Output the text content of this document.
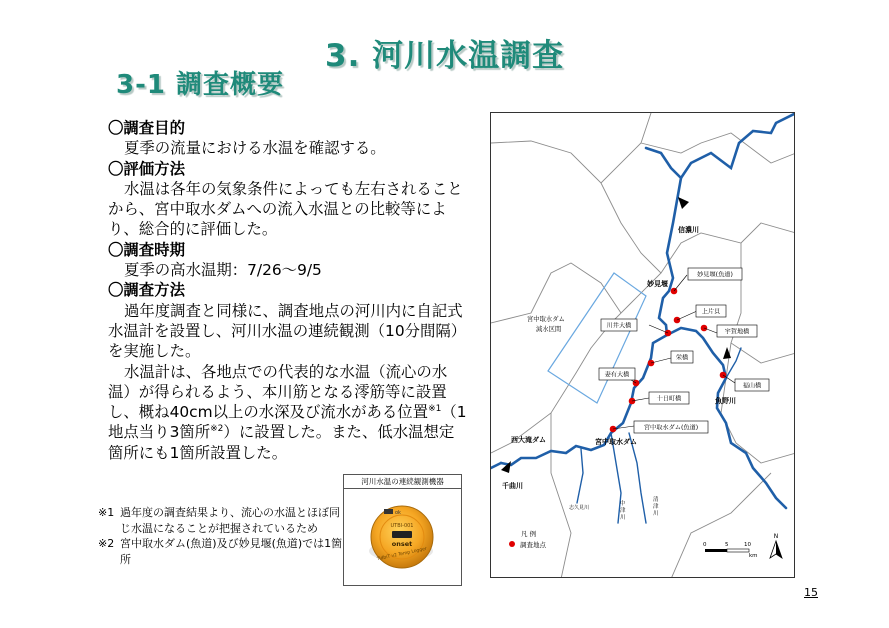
3. 河川水温調査
3-1 調査概要

〇調査目的

夏季の流量における水温を確認する。

〇評価方法

水温は各年の気象条件によっても左右されることから、宮中取水ダムへの流入水温との比較等により、総合的に評価した。

〇調査時期

夏季の高水温期：7/26〜9/5

〇調査方法

過年度調査と同様に、調査地点の河川内に自記式水温計を設置し、河川水温の連続観測（10分間隔）を実施した。

水温計は、各地点での代表的な水温（流心の水温）が得られるよう、本川筋となる澪筋等に設置し、概ね40cm以上の水深及び流水がある位置$^{※1}$（1地点当り3箇所$^{※2}$）に設置した。また、低水温想定箇所にも1箇所設置した。

※1 過年度の調査結果より、流心の水温とほぼ同じ水温になることが把握されているため
※2 宮中取水ダム(魚道)及び妙見堰(魚道)では1箇所
河川水温の連続観測機器
ok
UTBI-001
onset
TidbiT v2 Temp Logger
妙見堰(魚道)
上片貝
川井大橋
宇賀地橋
栄橋
妻有大橋
福山橋
十日町橋
宮中取水ダム(魚道)
信濃川
妙見堰
宮中取水ダム
減水区間
魚野川
西大滝ダム	宮中取水ダム
千曲川
志久見川
中
津
川
清
津
川
凡 例
調査地点	0	5	10
km
N
15
